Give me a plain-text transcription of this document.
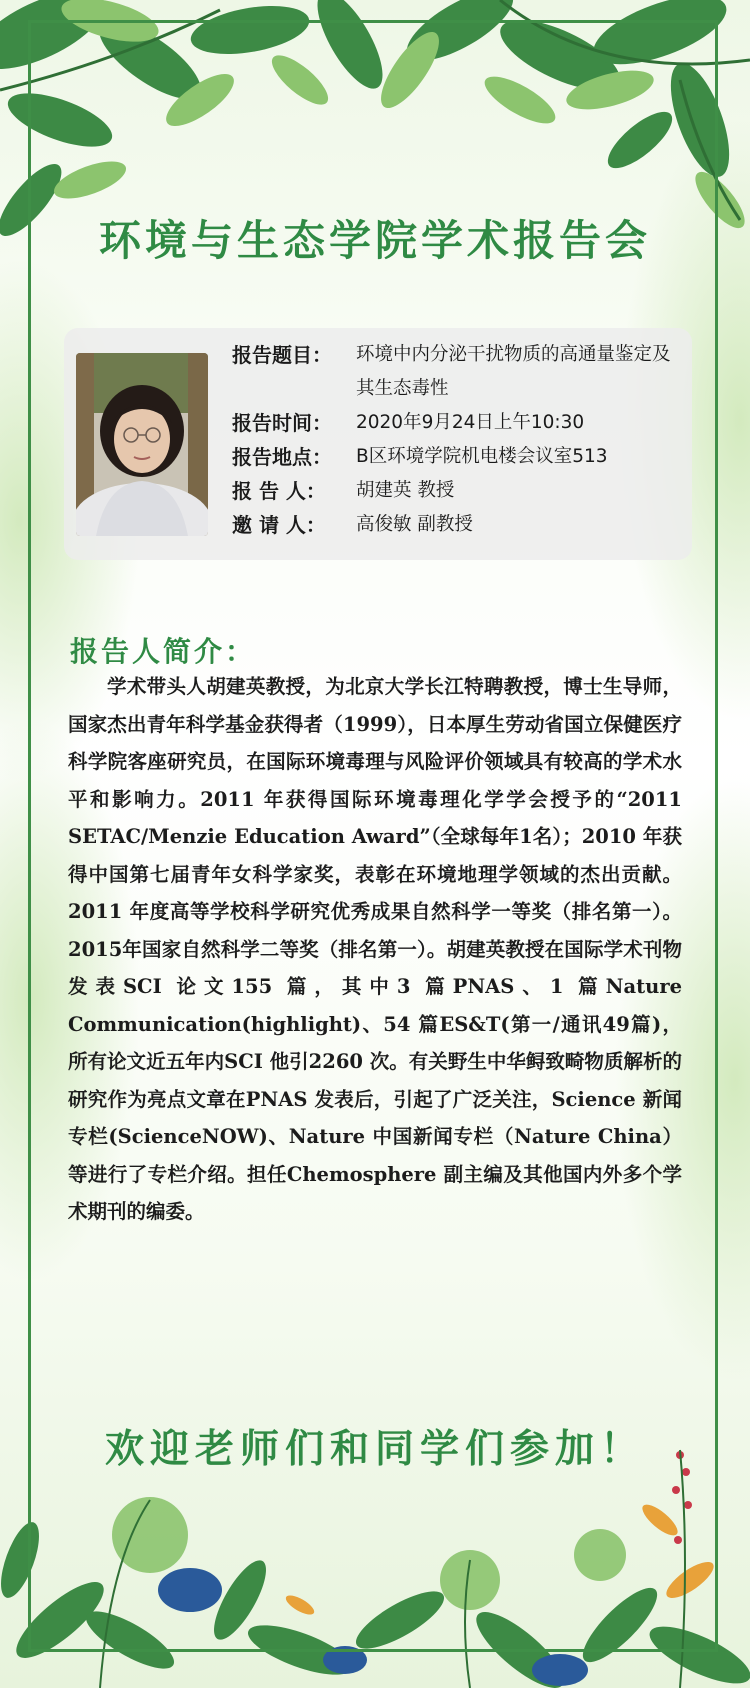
环境与生态学院学术报告会
报告题目：	环境中内分泌干扰物质的高通量鉴定及其生态毒性
报告时间：	2020年9月24日上午10:30
报告地点：	B区环境学院机电楼会议室513
报 告 人：	胡建英 教授
邀 请 人：	高俊敏 副教授
报告人简介：

学术带头人胡建英教授，为北京大学长江特聘教授，博士生导师，国家杰出青年科学基金获得者（1999），日本厚生劳动省国立保健医疗科学院客座研究员，在国际环境毒理与风险评价领域具有较高的学术水平和影响力。2011 年获得国际环境毒理化学学会授予的“2011 SETAC/Menzie Education Award”（全球每年1名）；2010 年获得中国第七届青年女科学家奖，表彰在环境地理学领域的杰出贡献。2011 年度高等学校科学研究优秀成果自然科学一等奖（排名第一）。2015年国家自然科学二等奖（排名第一）。胡建英教授在国际学术刊物发表SCI 论文155 篇，其中3 篇PNAS、1 篇Nature Communication(highlight)、54 篇ES&T(第一/通讯49篇)，所有论文近五年内SCI 他引2260 次。有关野生中华鲟致畸物质解析的研究作为亮点文章在PNAS 发表后，引起了广泛关注，Science 新闻专栏(ScienceNOW)、Nature 中国新闻专栏（Nature China）等进行了专栏介绍。担任Chemosphere 副主编及其他国内外多个学术期刊的编委。

欢迎老师们和同学们参加！
